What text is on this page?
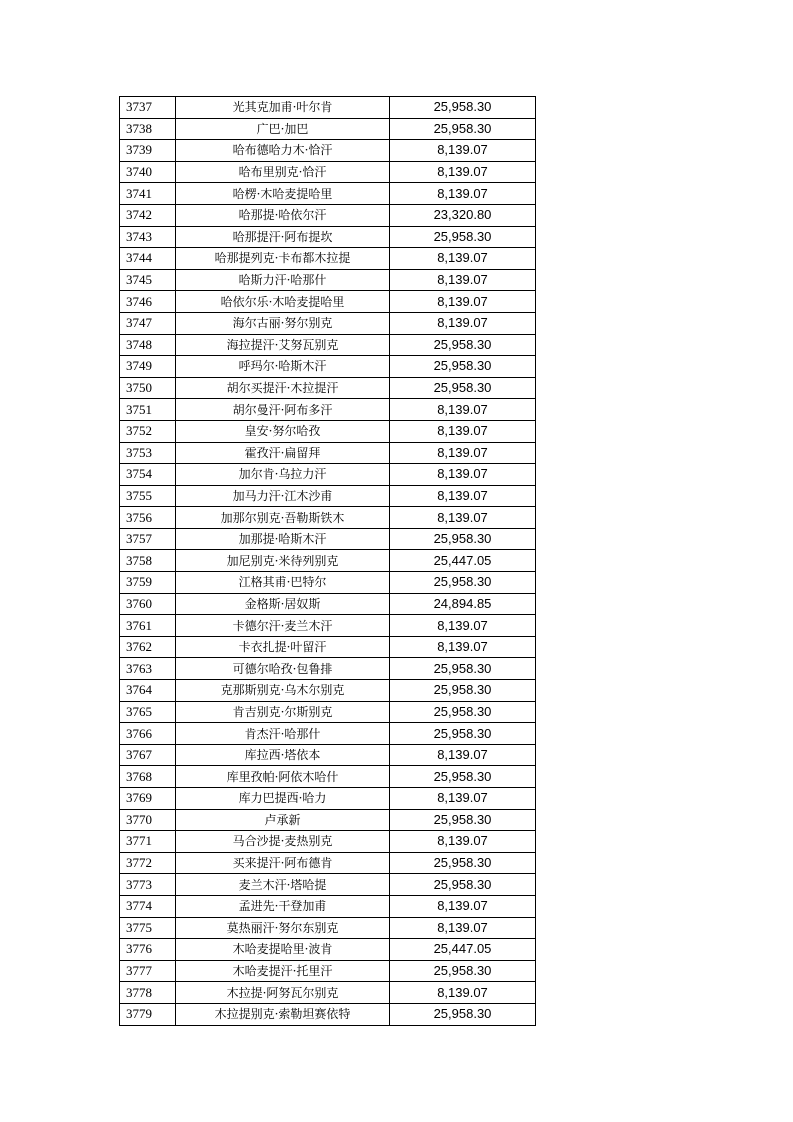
3737	光其克加甫·叶尔肯	25,958.30
3738	广巴·加巴	25,958.30
3739	哈布德哈力木·恰汗	8,139.07
3740	哈布里别克·恰汗	8,139.07
3741	哈楞·木哈麦提哈里	8,139.07
3742	哈那提·哈依尔汗	23,320.80
3743	哈那提汗·阿布提坎	25,958.30
3744	哈那提列克·卡布都木拉提	8,139.07
3745	哈斯力汗·哈那什	8,139.07
3746	哈依尔乐·木哈麦提哈里	8,139.07
3747	海尔古丽·努尔别克	8,139.07
3748	海拉提汗·艾努瓦别克	25,958.30
3749	呼玛尔·哈斯木汗	25,958.30
3750	胡尔买提汗·木拉提汗	25,958.30
3751	胡尔曼汗·阿布多汗	8,139.07
3752	皇安·努尔哈孜	8,139.07
3753	霍孜汗·扁留拜	8,139.07
3754	加尔肯·乌拉力汗	8,139.07
3755	加马力汗·江木沙甫	8,139.07
3756	加那尔别克·吾勒斯铁木	8,139.07
3757	加那提·哈斯木汗	25,958.30
3758	加尼别克·米待列别克	25,447.05
3759	江格其甫·巴特尔	25,958.30
3760	金格斯·居奴斯	24,894.85
3761	卡德尔汗·麦兰木汗	8,139.07
3762	卡衣扎提·叶留汗	8,139.07
3763	可德尔哈孜·包鲁排	25,958.30
3764	克那斯别克·乌木尔别克	25,958.30
3765	肯吉别克·尔斯别克	25,958.30
3766	肯杰汗·哈那什	25,958.30
3767	库拉西·塔依本	8,139.07
3768	库里孜帕·阿依木哈什	25,958.30
3769	库力巴提西·哈力	8,139.07
3770	卢承新	25,958.30
3771	马合沙提·麦热别克	8,139.07
3772	买来提汗·阿布德肯	25,958.30
3773	麦兰木汗·塔哈提	25,958.30
3774	孟进先·干登加甫	8,139.07
3775	莫热丽汗·努尔东别克	8,139.07
3776	木哈麦提哈里·波肯	25,447.05
3777	木哈麦提汗·托里汗	25,958.30
3778	木拉提·阿努瓦尔别克	8,139.07
3779	木拉提别克·索勒坦赛依特	25,958.30
